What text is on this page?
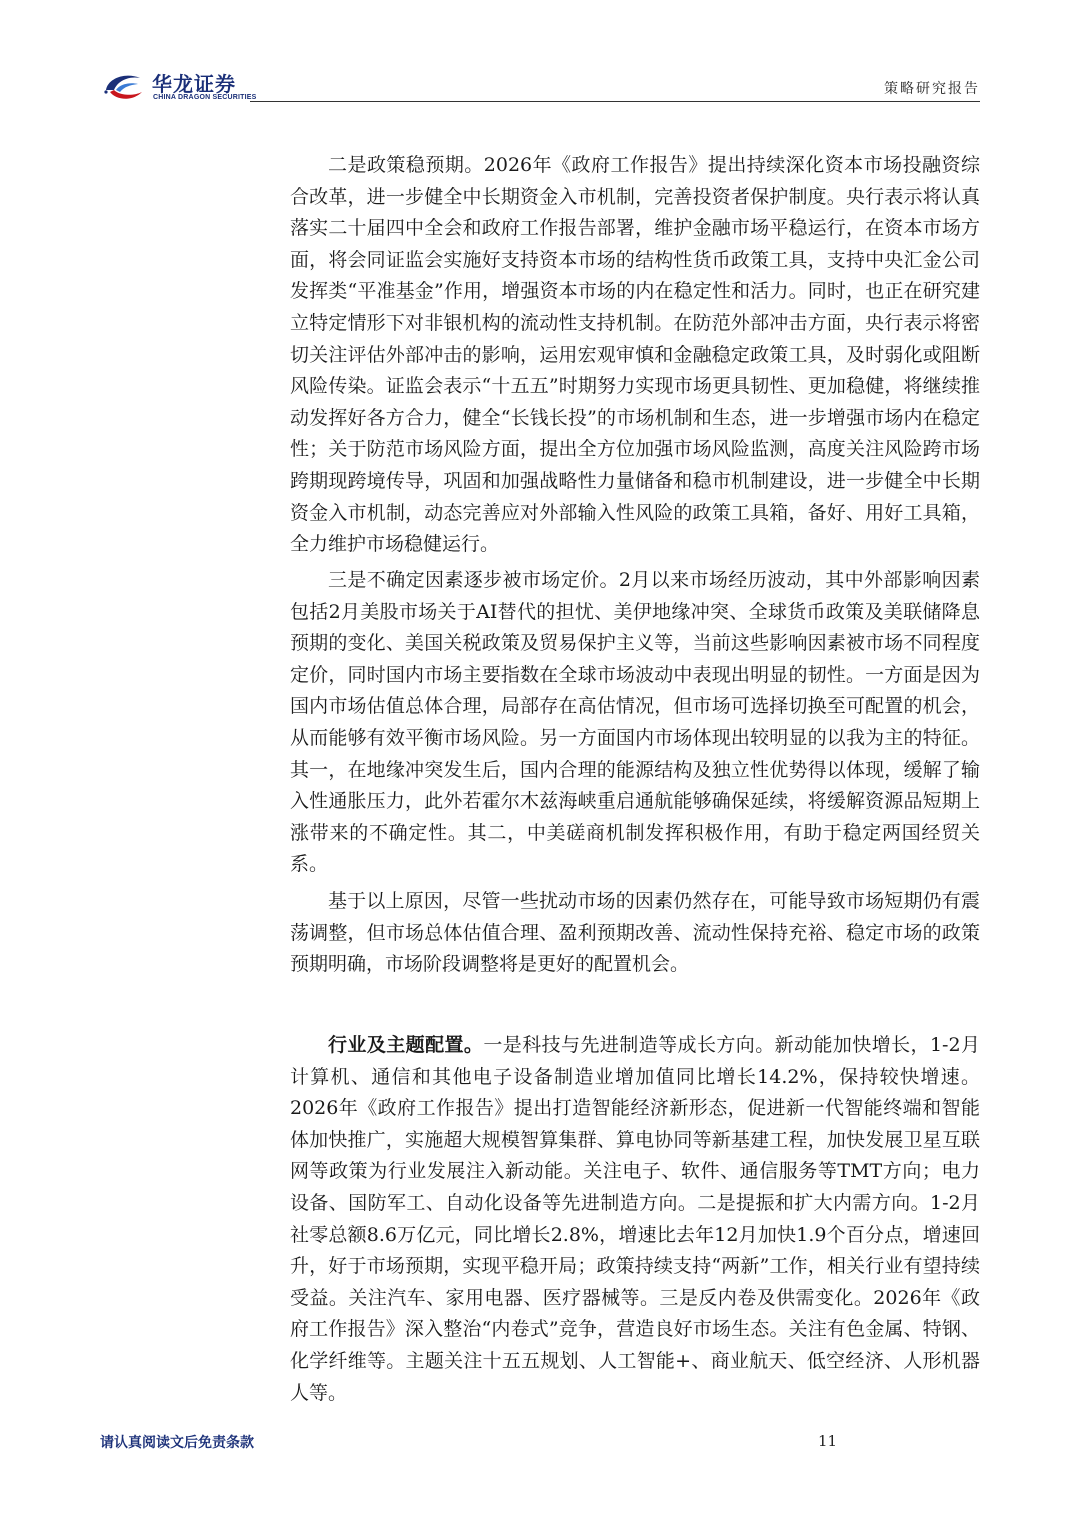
华龙证券
CHINA DRAGON SECURITIES
策略研究报告

二是政策稳预期。2026年《政府工作报告》提出持续深化资本市场投融资综合改革，进一步健全中长期资金入市机制，完善投资者保护制度。央行表示将认真落实二十届四中全会和政府工作报告部署，维护金融市场平稳运行，在资本市场方面，将会同证监会实施好支持资本市场的结构性货币政策工具，支持中央汇金公司发挥类“平准基金”作用，增强资本市场的内在稳定性和活力。同时，也正在研究建立特定情形下对非银机构的流动性支持机制。在防范外部冲击方面，央行表示将密切关注评估外部冲击的影响，运用宏观审慎和金融稳定政策工具，及时弱化或阻断风险传染。证监会表示“十五五”时期努力实现市场更具韧性、更加稳健，将继续推动发挥好各方合力，健全“长钱长投”的市场机制和生态，进一步增强市场内在稳定性；关于防范市场风险方面，提出全方位加强市场风险监测，高度关注风险跨市场跨期现跨境传导，巩固和加强战略性力量储备和稳市机制建设，进一步健全中长期资金入市机制，动态完善应对外部输入性风险的政策工具箱，备好、用好工具箱，全力维护市场稳健运行。

三是不确定因素逐步被市场定价。2月以来市场经历波动，其中外部影响因素包括2月美股市场关于AI替代的担忧、美伊地缘冲突、全球货币政策及美联储降息预期的变化、美国关税政策及贸易保护主义等，当前这些影响因素被市场不同程度定价，同时国内市场主要指数在全球市场波动中表现出明显的韧性。一方面是因为国内市场估值总体合理，局部存在高估情况，但市场可选择切换至可配置的机会，从而能够有效平衡市场风险。另一方面国内市场体现出较明显的以我为主的特征。其一，在地缘冲突发生后，国内合理的能源结构及独立性优势得以体现，缓解了输入性通胀压力，此外若霍尔木兹海峡重启通航能够确保延续，将缓解资源品短期上涨带来的不确定性。其二，中美磋商机制发挥积极作用，有助于稳定两国经贸关系。

基于以上原因，尽管一些扰动市场的因素仍然存在，可能导致市场短期仍有震荡调整，但市场总体估值合理、盈利预期改善、流动性保持充裕、稳定市场的政策预期明确，市场阶段调整将是更好的配置机会。

行业及主题配置。一是科技与先进制造等成长方向。新动能加快增长，1-2月计算机、通信和其他电子设备制造业增加值同比增长14.2%，保持较快增速。2026年《政府工作报告》提出打造智能经济新形态，促进新一代智能终端和智能体加快推广，实施超大规模智算集群、算电协同等新基建工程，加快发展卫星互联网等政策为行业发展注入新动能。关注电子、软件、通信服务等TMT方向；电力设备、国防军工、自动化设备等先进制造方向。二是提振和扩大内需方向。1-2月社零总额8.6万亿元，同比增长2.8%，增速比去年12月加快1.9个百分点，增速回升，好于市场预期，实现平稳开局；政策持续支持“两新”工作，相关行业有望持续受益。关注汽车、家用电器、医疗器械等。三是反内卷及供需变化。2026年《政府工作报告》深入整治“内卷式”竞争，营造良好市场生态。关注有色金属、特钢、化学纤维等。主题关注十五五规划、人工智能+、商业航天、低空经济、人形机器人等。

请认真阅读文后免责条款	11
